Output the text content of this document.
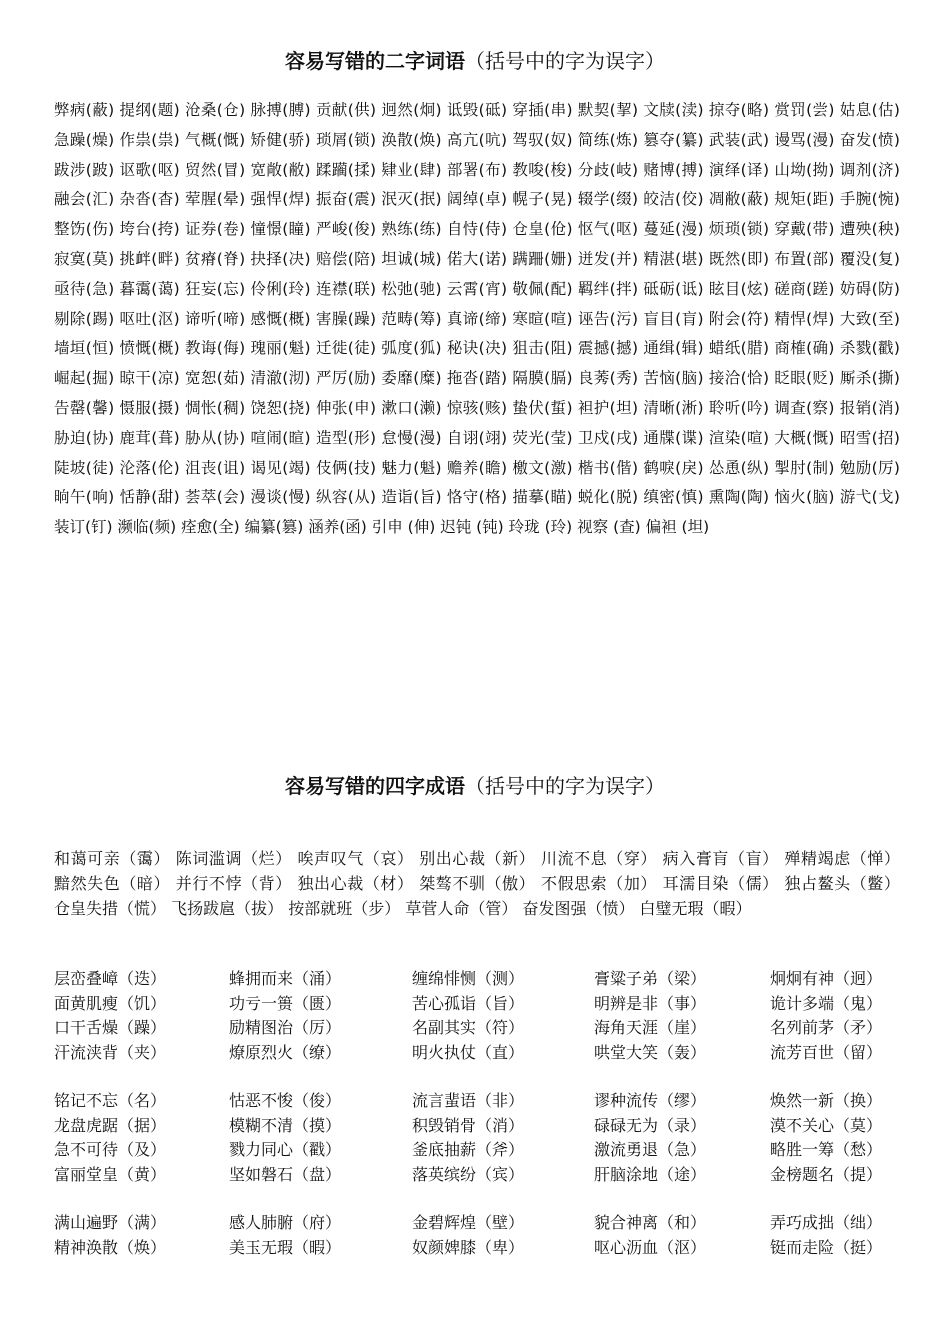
容易写错的二字词语（括号中的字为误字）
弊病(蔽) 提纲(题) 沧桑(仓) 脉搏(膊) 贡献(供) 迥然(炯) 诋毁(砥) 穿插(串) 默契(挈) 文牍(渎) 掠夺(略) 赏罚(尝) 姑息(估) 急躁(燥) 作祟(祟) 气概(慨) 矫健(骄) 琐屑(锁) 涣散(焕) 高亢(吭) 驾驭(奴) 简练(炼) 篡夺(纂) 武装(武) 谩骂(漫) 奋发(愤) 跋涉(跛) 讴歌(呕) 贸然(冒) 宽敞(敝) 蹂躏(揉) 肄业(肆) 部署(布) 教唆(梭) 分歧(岐) 赌博(搏) 演绎(译) 山坳(拗) 调剂(济) 融会(汇) 杂沓(杳) 荤腥(晕) 强悍(焊) 振奋(震) 泯灭(抿) 阔绰(卓) 幌子(晃) 辍学(缀) 皎洁(佼) 凋敝(蔽) 规矩(距) 手腕(惋) 整饬(伤) 垮台(挎) 证券(卷) 憧憬(瞳) 严峻(俊) 熟练(练) 自恃(侍) 仓皇(伧) 怄气(呕) 蔓延(漫) 烦琐(锁) 穿戴(带) 遭殃(秧) 寂寞(莫) 挑衅(畔) 贫瘠(脊) 抉择(决) 赔偿(陪) 坦诚(城) 偌大(诺) 蹒跚(姗) 迸发(并) 精湛(堪) 既然(即) 布置(部) 覆没(复) 亟待(急) 暮霭(蔼) 狂妄(忘) 伶俐(玲) 连襟(联) 松弛(驰) 云霄(宵) 敬佩(配) 羁绊(拌) 砥砺(诋) 眩目(炫) 磋商(蹉) 妨碍(防) 剔除(踢) 呕吐(沤) 谛听(啼) 感慨(概) 害臊(躁) 范畴(筹) 真谛(缔) 寒暄(喧) 诬告(污) 盲目(肓) 附会(符) 精悍(焊) 大致(至) 墙垣(恒) 愤慨(概) 教诲(侮) 瑰丽(魁) 迁徙(徒) 弧度(狐) 秘诀(决) 狙击(阻) 震撼(撼) 通缉(辑) 蜡纸(腊) 商榷(确) 杀戮(戳) 崛起(掘) 晾干(凉) 宽恕(茹) 清澈(沏) 严厉(励) 委靡(糜) 拖沓(踏) 隔膜(膈) 良莠(秀) 苦恼(脑) 接洽(恰) 眨眼(贬) 厮杀(撕) 告罄(馨) 慑服(摄) 惆怅(稠) 饶恕(挠) 伸张(申) 漱口(濑) 惊骇(赅) 蛰伏(蜇) 袒护(坦) 清晰(淅) 聆听(吟) 调查(察) 报销(消) 胁迫(协) 鹿茸(葺) 胁从(协) 喧闹(暄) 造型(形) 怠慢(漫) 自诩(翊) 荧光(莹) 卫戍(戌) 通牒(谍) 渲染(喧) 大概(慨) 昭雪(招) 陡坡(徒) 沦落(伦) 沮丧(诅) 谒见(竭) 伎俩(技) 魅力(魁) 赡养(瞻) 檄文(激) 楷书(偕) 鹤唳(戾) 怂恿(纵) 掣肘(制) 勉励(厉) 晌午(响) 恬静(甜) 荟萃(会) 漫谈(慢) 纵容(从) 造诣(旨) 恪守(格) 描摹(瞄) 蜕化(脱) 缜密(慎) 熏陶(陶) 恼火(脑) 游弋(戈) 装订(钉) 濒临(频) 痊愈(全) 编纂(篡) 涵养(函) 引申 (伸) 迟钝 (钝) 玲珑 (玲) 视察 (查) 偏袒 (坦)
容易写错的四字成语（括号中的字为误字）
和蔼可亲（霭） 陈词滥调（烂） 唉声叹气（哀） 别出心裁（新） 川流不息（穿） 病入膏肓（盲） 殚精竭虑（惮） 黯然失色（暗） 并行不悖（背） 独出心裁（材） 桀骜不驯（傲） 不假思索（加） 耳濡目染（儒） 独占鳌头（鳖） 仓皇失措（慌） 飞扬跋扈（拔） 按部就班（步） 草菅人命（管） 奋发图强（愤） 白璧无瑕（暇）
层峦叠嶂（迭）	蜂拥而来（涌）	缠绵悱恻（测）	膏粱子弟（梁）	炯炯有神（迥）
面黄肌瘦（饥）	功亏一篑（匮）	苦心孤诣（旨）	明辨是非（事）	诡计多端（鬼）
口干舌燥（躁）	励精图治（厉）	名副其实（符）	海角天涯（崖）	名列前茅（矛）
汗流浃背（夹）	燎原烈火（缭）	明火执仗（直）	哄堂大笑（轰）	流芳百世（留）
铭记不忘（名）	怙恶不悛（俊）	流言蜚语（非）	谬种流传（缪）	焕然一新（换）
龙盘虎踞（据）	模糊不清（摸）	积毁销骨（消）	碌碌无为（录）	漠不关心（莫）
急不可待（及）	戮力同心（戳）	釜底抽薪（斧）	激流勇退（急）	略胜一筹（愁）
富丽堂皇（黄）	坚如磐石（盘）	落英缤纷（宾）	肝脑涂地（途）	金榜题名（提）
满山遍野（满）	感人肺腑（府）	金碧辉煌（壁）	貌合神离（和）	弄巧成拙（绌）
精神涣散（焕）	美玉无瑕（暇）	奴颜婢膝（卑）	呕心沥血（沤）	铤而走险（挺）
